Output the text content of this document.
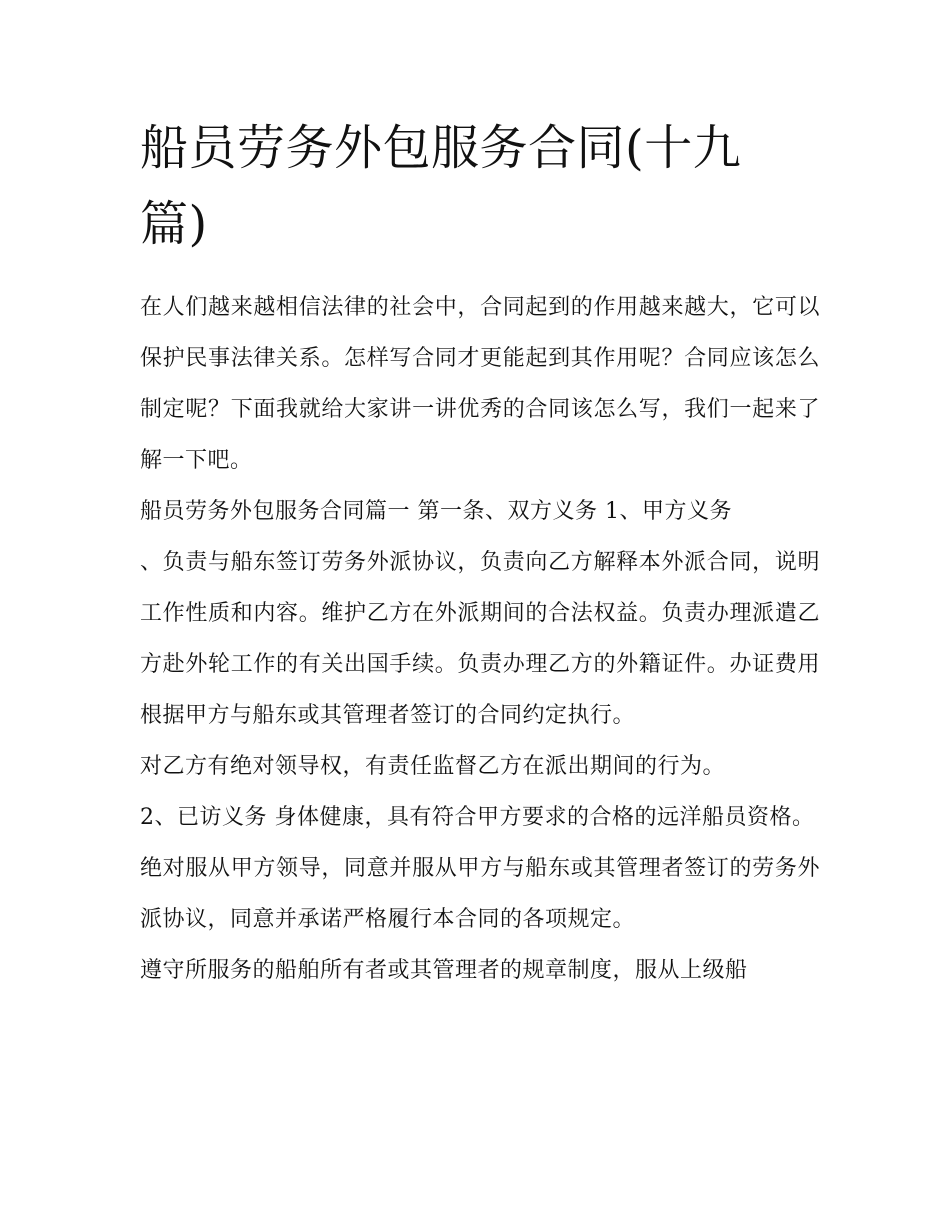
船员劳务外包服务合同(十九篇)

在人们越来越相信法律的社会中，合同起到的作用越来越大，它可以保护民事法律关系。怎样写合同才更能起到其作用呢？合同应该怎么制定呢？下面我就给大家讲一讲优秀的合同该怎么写，我们一起来了解一下吧。

船员劳务外包服务合同篇一 第一条、双方义务 1、甲方义务

、负责与船东签订劳务外派协议，负责向乙方解释本外派合同，说明工作性质和内容。维护乙方在外派期间的合法权益。负责办理派遣乙方赴外轮工作的有关出国手续。负责办理乙方的外籍证件。办证费用根据甲方与船东或其管理者签订的合同约定执行。

对乙方有绝对领导权，有责任监督乙方在派出期间的行为。

2、已访义务 身体健康，具有符合甲方要求的合格的远洋船员资格。

绝对服从甲方领导，同意并服从甲方与船东或其管理者签订的劳务外派协议，同意并承诺严格履行本合同的各项规定。

遵守所服务的船舶所有者或其管理者的规章制度，服从上级船
